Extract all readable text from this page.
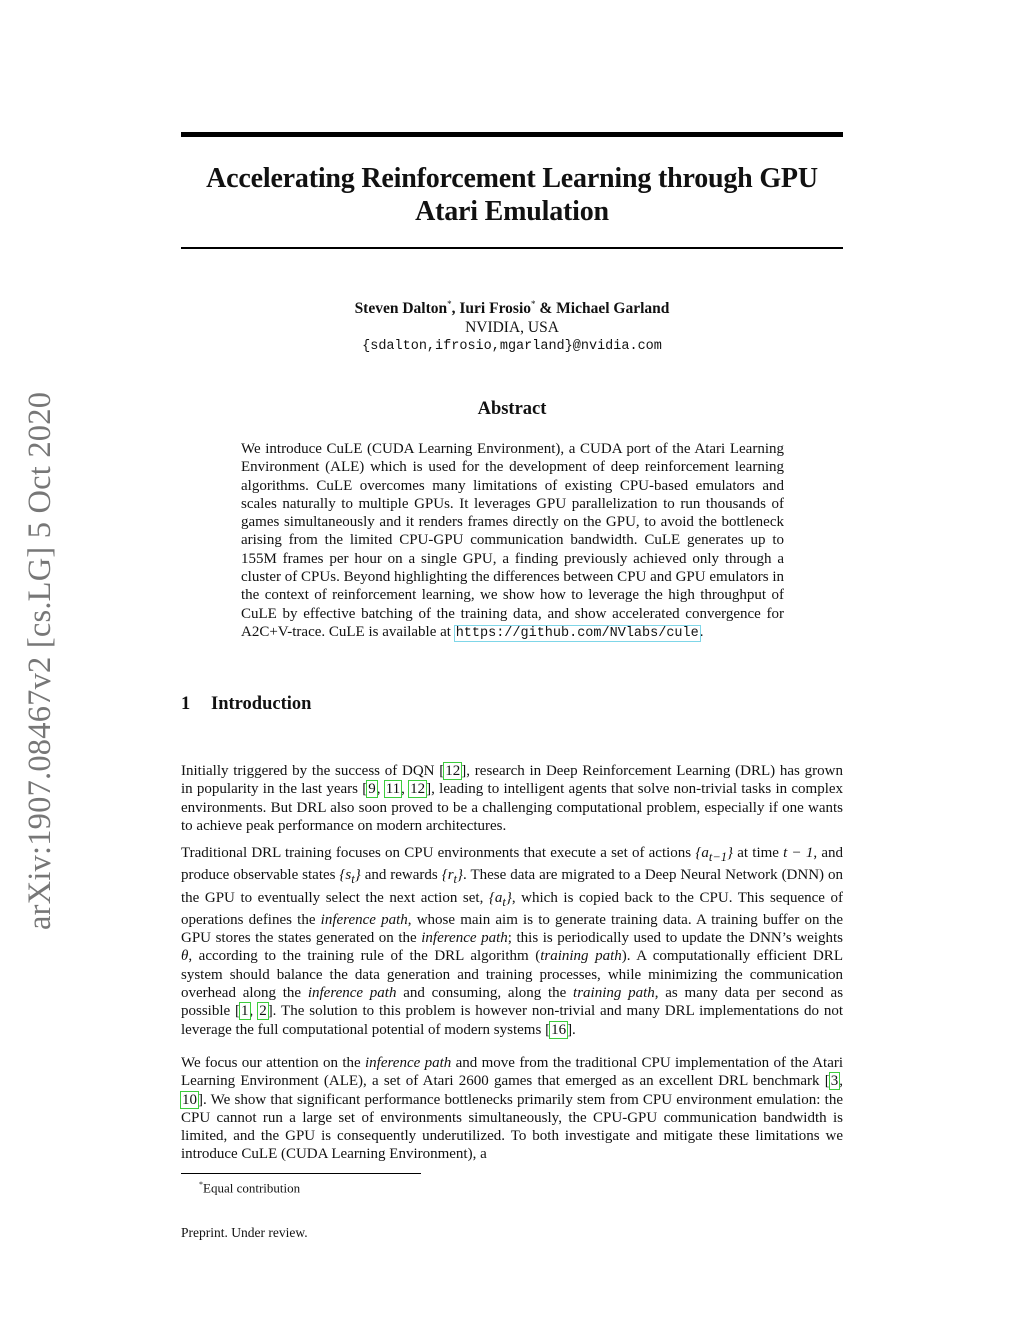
arXiv:1907.08467v2 [cs.LG] 5 Oct 2020
Accelerating Reinforcement Learning through GPU
Atari Emulation
Steven Dalton*, Iuri Frosio* & Michael Garland
NVIDIA, USA
{sdalton,ifrosio,mgarland}@nvidia.com
Abstract
We introduce CuLE (CUDA Learning Environment), a CUDA port of the Atari Learning Environment (ALE) which is used for the development of deep reinforcement learning algorithms. CuLE overcomes many limitations of existing CPU-based emulators and scales naturally to multiple GPUs. It leverages GPU parallelization to run thousands of games simultaneously and it renders frames directly on the GPU, to avoid the bottleneck arising from the limited CPU-GPU communication bandwidth. CuLE generates up to 155M frames per hour on a single GPU, a finding previously achieved only through a cluster of CPUs. Beyond highlighting the differences between CPU and GPU emulators in the context of reinforcement learning, we show how to leverage the high throughput of CuLE by effective batching of the training data, and show accelerated convergence for A2C+V-trace. CuLE is available at https://github.com/NVlabs/cule.
1 Introduction

Initially triggered by the success of DQN [12], research in Deep Reinforcement Learning (DRL) has grown in popularity in the last years [9, 11, 12], leading to intelligent agents that solve non-trivial tasks in complex environments. But DRL also soon proved to be a challenging computational problem, especially if one wants to achieve peak performance on modern architectures.

Traditional DRL training focuses on CPU environments that execute a set of actions $\{a_{t-1}\}$ at time t − 1, and produce observable states $\{s_t\}$ and rewards $\{r_t\}$. These data are migrated to a Deep Neural Network (DNN) on the GPU to eventually select the next action set, $\{a_t\}$, which is copied back to the CPU. This sequence of operations defines the inference path, whose main aim is to generate training data. A training buffer on the GPU stores the states generated on the inference path; this is periodically used to update the DNN’s weights θ, according to the training rule of the DRL algorithm (training path). A computationally efficient DRL system should balance the data generation and training processes, while minimizing the communication overhead along the inference path and consuming, along the training path, as many data per second as possible [1, 2]. The solution to this problem is however non-trivial and many DRL implementations do not leverage the full computational potential of modern systems [16].

We focus our attention on the inference path and move from the traditional CPU implementation of the Atari Learning Environment (ALE), a set of Atari 2600 games that emerged as an excellent DRL benchmark [3, 10]. We show that significant performance bottlenecks primarily stem from CPU environment emulation: the CPU cannot run a large set of environments simultaneously, the CPU-GPU communication bandwidth is limited, and the GPU is consequently underutilized. To both investigate and mitigate these limitations we introduce CuLE (CUDA Learning Environment), a

*Equal contribution
Preprint. Under review.
